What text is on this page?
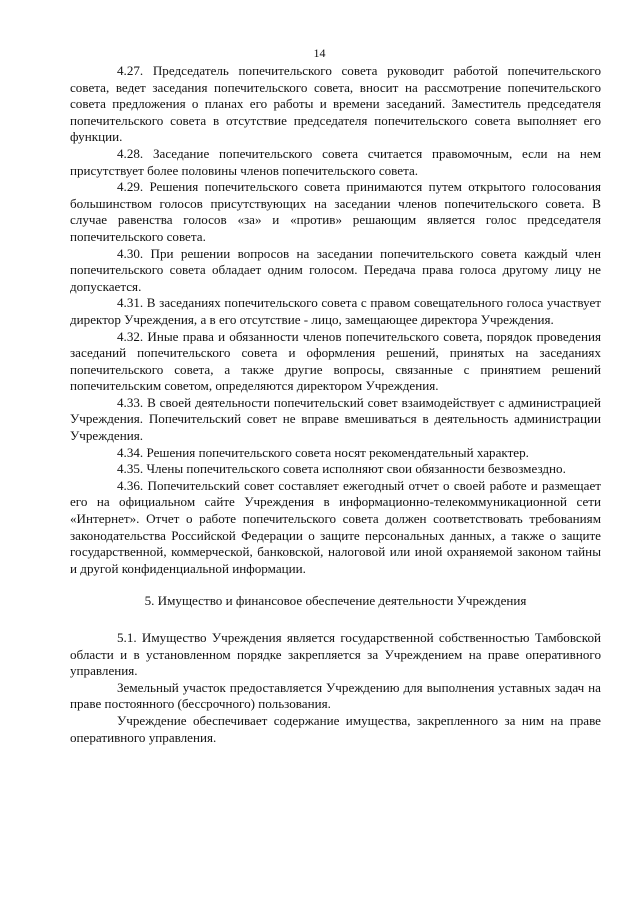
14

4.27. Председатель попечительского совета руководит работой попечительского совета, ведет заседания попечительского совета, вносит на рассмотрение попечительского совета предложения о планах его работы и времени заседаний. Заместитель председателя попечительского совета в отсутствие председателя попечительского совета выполняет его функции.

4.28. Заседание попечительского совета считается правомочным, если на нем присутствует более половины членов попечительского совета.

4.29. Решения попечительского совета принимаются путем открытого голосования большинством голосов присутствующих на заседании членов попечительского совета. В случае равенства голосов «за» и «против» решающим является голос председателя попечительского совета.

4.30. При решении вопросов на заседании попечительского совета каждый член попечительского совета обладает одним голосом. Передача права голоса другому лицу не допускается.

4.31. В заседаниях попечительского совета с правом совещательного голоса участвует директор Учреждения, а в его отсутствие - лицо, замещающее директора Учреждения.

4.32. Иные права и обязанности членов попечительского совета, порядок проведения заседаний попечительского совета и оформления решений, принятых на заседаниях попечительского совета, а также другие вопросы, связанные с принятием решений попечительским советом, определяются директором Учреждения.

4.33. В своей деятельности попечительский совет взаимодействует с администрацией Учреждения. Попечительский совет не вправе вмешиваться в деятельность администрации Учреждения.

4.34. Решения попечительского совета носят рекомендательный характер.

4.35. Члены попечительского совета исполняют свои обязанности безвозмездно.

4.36. Попечительский совет составляет ежегодный отчет о своей работе и размещает его на официальном сайте Учреждения в информационно-телекоммуникационной сети «Интернет». Отчет о работе попечительского совета должен соответствовать требованиям законодательства Российской Федерации о защите персональных данных, а также о защите государственной, коммерческой, банковской, налоговой или иной охраняемой законом тайны и другой конфиденциальной информации.

5. Имущество и финансовое обеспечение деятельности Учреждения

5.1. Имущество Учреждения является государственной собственностью Тамбовской области и в установленном порядке закрепляется за Учреждением на праве оперативного управления.

Земельный участок предоставляется Учреждению для выполнения уставных задач на праве постоянного (бессрочного) пользования.

Учреждение обеспечивает содержание имущества, закрепленного за ним на праве оперативного управления.
